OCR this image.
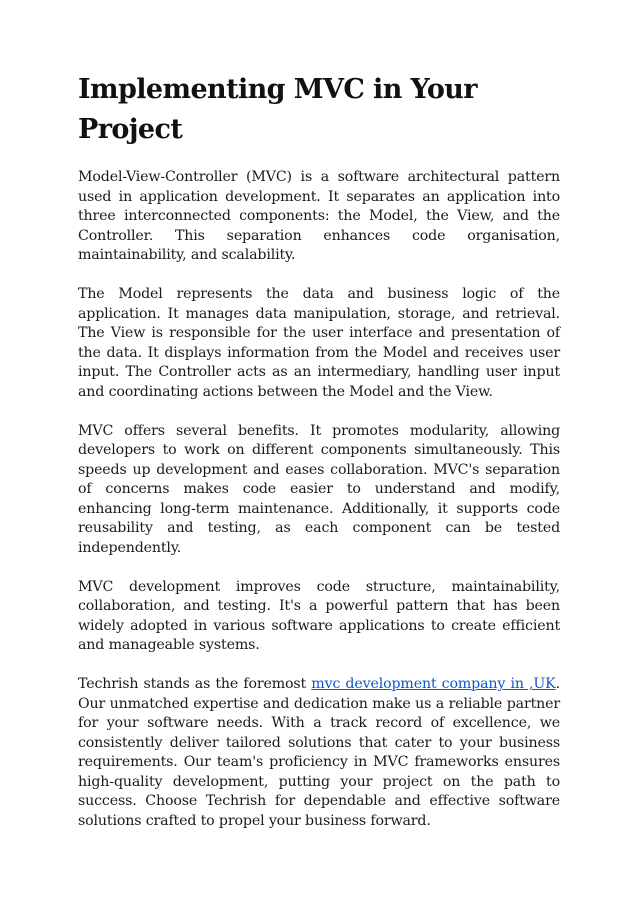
Implementing MVC in Your Project

Model-View-Controller (MVC) is a software architectural pattern used in application development. It separates an application into three interconnected components: the Model, the View, and the Controller. This separation enhances code organisation, maintainability, and scalability.

The Model represents the data and business logic of the application. It manages data manipulation, storage, and retrieval. The View is responsible for the user interface and presentation of the data. It displays information from the Model and receives user input. The Controller acts as an intermediary, handling user input and coordinating actions between the Model and the View.

MVC offers several benefits. It promotes modularity, allowing developers to work on different components simultaneously. This speeds up development and eases collaboration. MVC's separation of concerns makes code easier to understand and modify, enhancing long-term maintenance. Additionally, it supports code reusability and testing, as each component can be tested independently.

MVC development improves code structure, maintainability, collaboration, and testing. It's a powerful pattern that has been widely adopted in various software applications to create efficient and manageable systems.

Techrish stands as the foremost mvc development company in ,UK. Our unmatched expertise and dedication make us a reliable partner for your software needs. With a track record of excellence, we consistently deliver tailored solutions that cater to your business requirements. Our team's proficiency in MVC frameworks ensures high-quality development, putting your project on the path to success. Choose Techrish for dependable and effective software solutions crafted to propel your business forward.
